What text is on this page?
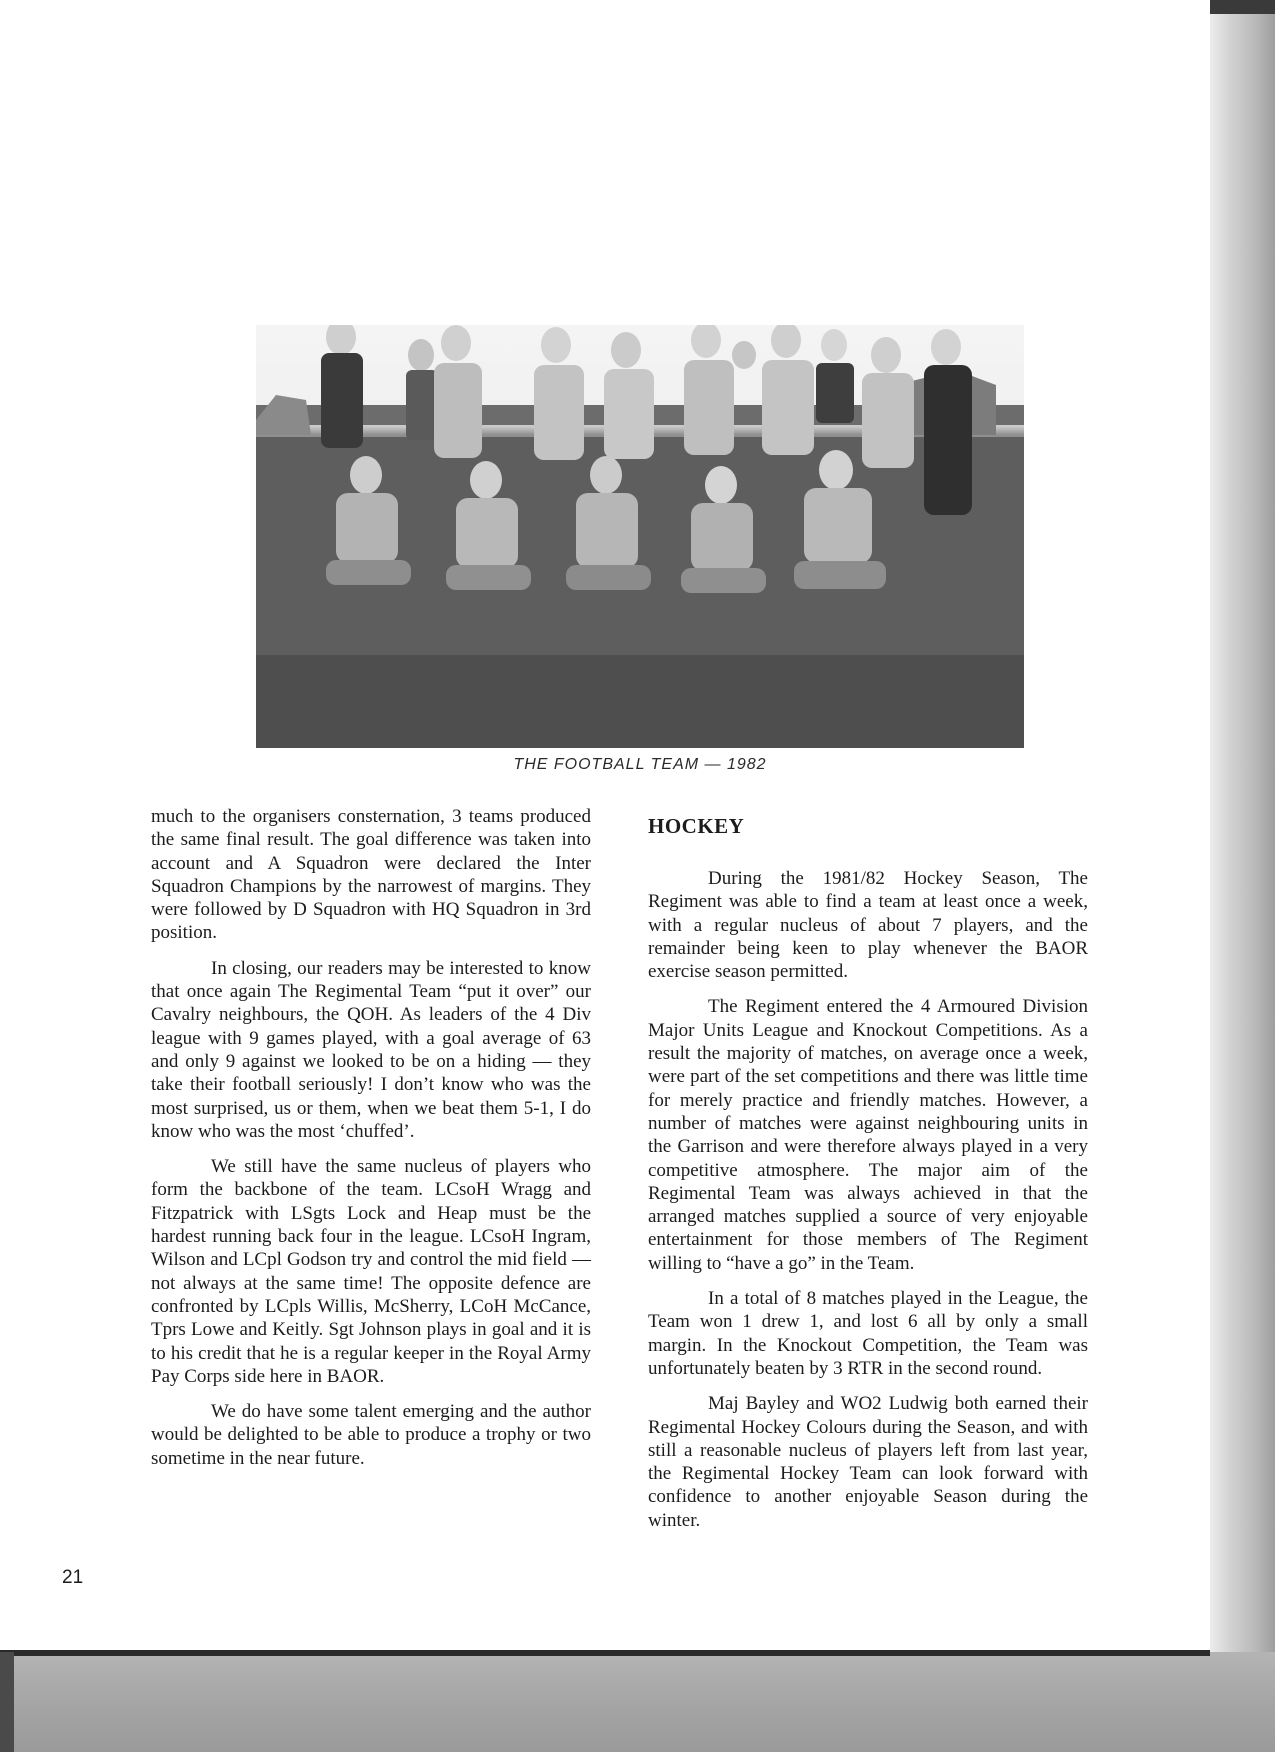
THE FOOTBALL TEAM — 1982

much to the organisers consternation, 3 teams produced the same final result. The goal difference was taken into account and A Squadron were declared the Inter Squadron Champions by the narrowest of margins. They were followed by D Squadron with HQ Squadron in 3rd position.

In closing, our readers may be interested to know that once again The Regimental Team “put it over” our Cavalry neighbours, the QOH. As leaders of the 4 Div league with 9 games played, with a goal average of 63 and only 9 against we looked to be on a hiding — they take their football seriously! I don’t know who was the most surprised, us or them, when we beat them 5-1, I do know who was the most ‘chuffed’.

We still have the same nucleus of players who form the backbone of the team. LCsoH Wragg and Fitzpatrick with LSgts Lock and Heap must be the hardest running back four in the league. LCsoH Ingram, Wilson and LCpl Godson try and control the mid field — not always at the same time! The opposite defence are confronted by LCpls Willis, McSherry, LCoH McCance, Tprs Lowe and Keitly. Sgt Johnson plays in goal and it is to his credit that he is a regular keeper in the Royal Army Pay Corps side here in BAOR.

We do have some talent emerging and the author would be delighted to be able to produce a trophy or two sometime in the near future.

HOCKEY

During the 1981/82 Hockey Season, The Regiment was able to find a team at least once a week, with a regular nucleus of about 7 players, and the remainder being keen to play whenever the BAOR exercise season permitted.

The Regiment entered the 4 Armoured Division Major Units League and Knockout Competitions. As a result the majority of matches, on average once a week, were part of the set competitions and there was little time for merely practice and friendly matches. However, a number of matches were against neighbouring units in the Garrison and were therefore always played in a very competitive atmosphere. The major aim of the Regimental Team was always achieved in that the arranged matches supplied a source of very enjoyable entertainment for those members of The Regiment willing to “have a go” in the Team.

In a total of 8 matches played in the League, the Team won 1 drew 1, and lost 6 all by only a small margin. In the Knockout Competition, the Team was unfortunately beaten by 3 RTR in the second round.

Maj Bayley and WO2 Ludwig both earned their Regimental Hockey Colours during the Season, and with still a reasonable nucleus of players left from last year, the Regimental Hockey Team can look forward with confidence to another enjoyable Season during the winter.

21
